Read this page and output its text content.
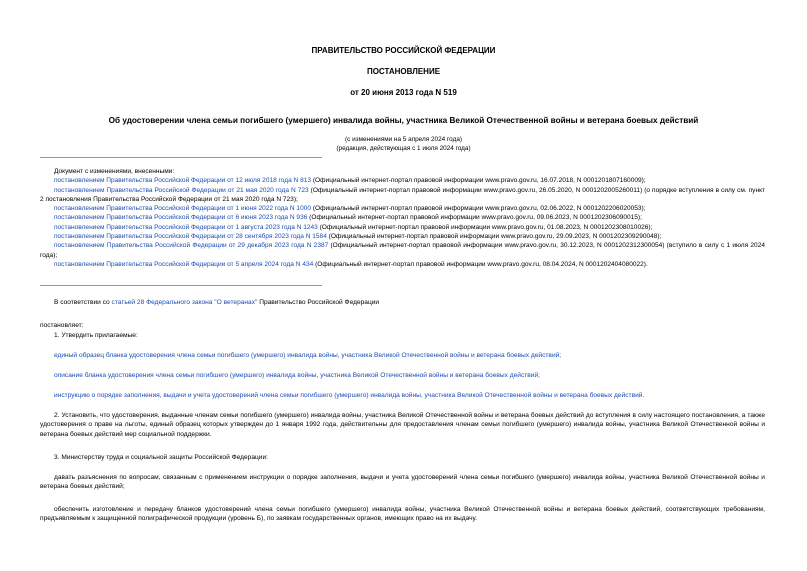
ПРАВИТЕЛЬСТВО РОССИЙСКОЙ ФЕДЕРАЦИИ
ПОСТАНОВЛЕНИЕ
от 20 июня 2013 года N 519
Об удостоверении члена семьи погибшего (умершего) инвалида войны, участника Великой Отечественной войны и ветерана боевых действий
(с изменениями на 5 апреля 2024 года)
(редакция, действующая с 1 июля 2024 года)
Документ с изменениями, внесенными:
постановлением Правительства Российской Федерации от 12 июля 2018 года N 813 (Официальный интернет-портал правовой информации www.pravo.gov.ru, 16.07.2018, N 0001201807160009);
постановлением Правительства Российской Федерации от 21 мая 2020 года N 723 (Официальный интернет-портал правовой информации www.pravo.gov.ru, 26.05.2020, N 0001202005260011) (о порядке вступления в силу см. пункт 2 постановления Правительства Российской Федерации от 21 мая 2020 года N 723);
постановлением Правительства Российской Федерации от 1 июня 2022 года N 1000 (Официальный интернет-портал правовой информации www.pravo.gov.ru, 02.06.2022, N 0001202206020053);
постановлением Правительства Российской Федерации от 6 июня 2023 года N 936 (Официальный интернет-портал правовой информации www.pravo.gov.ru, 09.06.2023, N 0001202306090015);
постановлением Правительства Российской Федерации от 1 августа 2023 года N 1243 (Официальный интернет-портал правовой информации www.pravo.gov.ru, 01.08.2023, N 0001202308010026);
постановлением Правительства Российской Федерации от 28 сентября 2023 года N 1584 (Официальный интернет-портал правовой информации www.pravo.gov.ru, 29.09.2023, N 0001202309290048);
постановлением Правительства Российской Федерации от 29 декабря 2023 года N 2387 (Официальный интернет-портал правовой информации www.pravo.gov.ru, 30.12.2023, N 0001202312300054) (вступило в силу с 1 июля 2024 года);
постановлением Правительства Российской Федерации от 5 апреля 2024 года N 434 (Официальный интернет-портал правовой информации www.pravo.gov.ru, 08.04.2024, N 0001202404080022).
В соответствии со статьей 28 Федерального закона "О ветеранах" Правительство Российской Федерации
постановляет:
1. Утвердить прилагаемые:
единый образец бланка удостоверения члена семьи погибшего (умершего) инвалида войны, участника Великой Отечественной войны и ветерана боевых действий;
описание бланка удостоверения члена семьи погибшего (умершего) инвалида войны, участника Великой Отечественной войны и ветерана боевых действий;
инструкцию о порядке заполнения, выдачи и учета удостоверений члена семьи погибшего (умершего) инвалида войны, участника Великой Отечественной войны и ветерана боевых действий.
2. Установить, что удостоверения, выданные членам семьи погибшего (умершего) инвалида войны, участника Великой Отечественной войны и ветерана боевых действий до вступления в силу настоящего постановления, а также удостоверения о праве на льготы, единый образец которых утвержден до 1 января 1992 года, действительны для предоставления членам семьи погибшего (умершего) инвалида войны, участника Великой Отечественной войны и ветерана боевых действий мер социальной поддержки.
3. Министерству труда и социальной защиты Российской Федерации:
давать разъяснения по вопросам, связанным с применением инструкции о порядке заполнения, выдачи и учета удостоверений члена семьи погибшего (умершего) инвалида войны, участника Великой Отечественной войны и ветерана боевых действий;
обеспечить изготовление и передачу бланков удостоверений члена семьи погибшего (умершего) инвалида войны, участника Великой Отечественной войны и ветерана боевых действий, соответствующих требованиям, предъявляемым к защищенной полиграфической продукции (уровень Б), по заявкам государственных органов, имеющих право на их выдачу.
